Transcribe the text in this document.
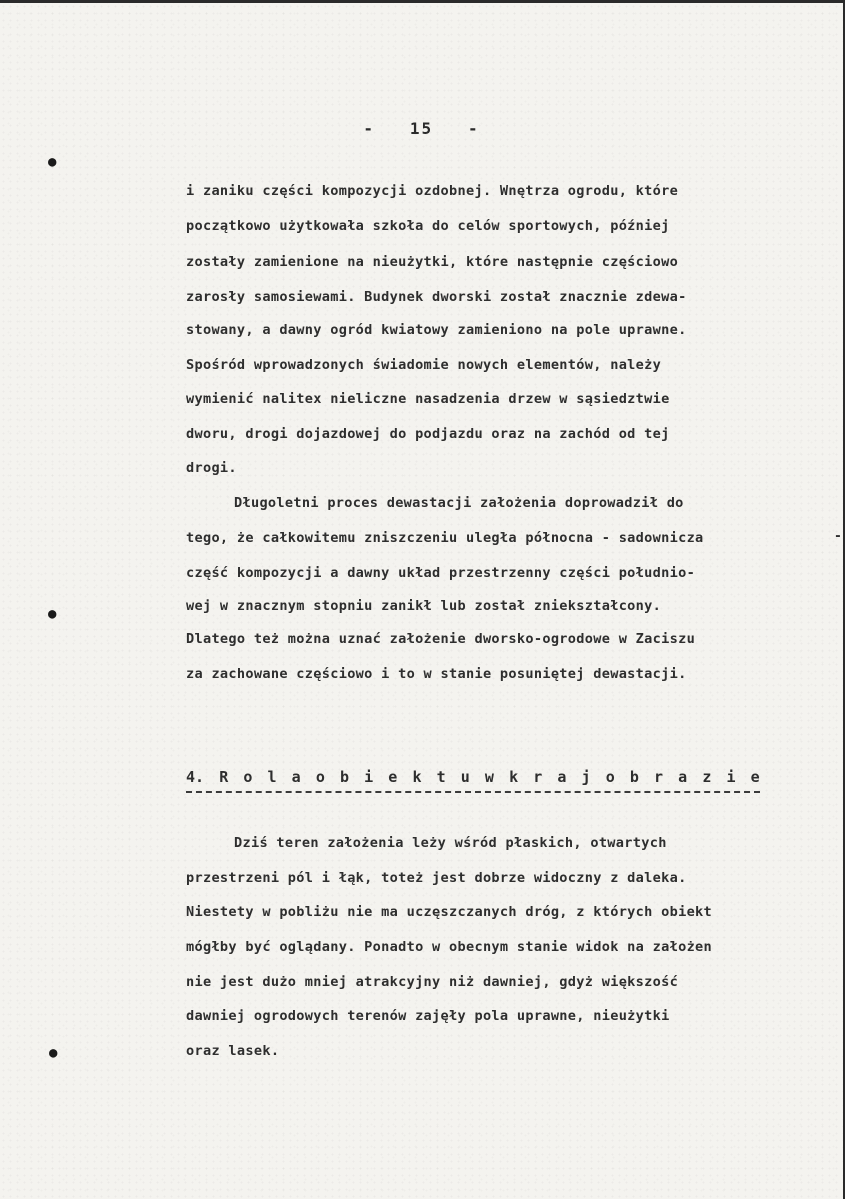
-   15   -
i zaniku części kompozycji ozdobnej. Wnętrza ogrodu, które
początkowo użytkowała szkoła do celów sportowych, później
zostały zamienione na nieużytki, które następnie częściowo
zarosły samosiewami. Budynek dworski został znacznie zdewa-
stowany, a dawny ogród kwiatowy zamieniono na pole uprawne.
Spośród wprowadzonych świadomie nowych elementów, należy
wymienić nalitex nieliczne nasadzenia drzew w sąsiedztwie
dworu, drogi dojazdowej do podjazdu oraz na zachód od tej
drogi.
Długoletni proces dewastacji założenia doprowadził do
tego, że całkowitemu zniszczeniu uległa północna - sadownicza
część kompozycji a dawny układ przestrzenny części południo-
wej w znacznym stopniu zanikł lub został zniekształcony.
Dlatego też można uznać założenie dworsko-ogrodowe w Zaciszu
za zachowane częściowo i to w stanie posuniętej dewastacji.
-
4. R o l a o b i e k t u w k r a j o b r a z i e
Dziś teren założenia leży wśród płaskich, otwartych
przestrzeni pól i łąk, toteż jest dobrze widoczny z daleka.
Niestety w pobliżu nie ma uczęszczanych dróg, z których obiekt
mógłby być oglądany. Ponadto w obecnym stanie widok na założen
nie jest dużo mniej atrakcyjny niż dawniej, gdyż większość
dawniej ogrodowych terenów zajęły pola uprawne, nieużytki
oraz lasek.
●
●
●
